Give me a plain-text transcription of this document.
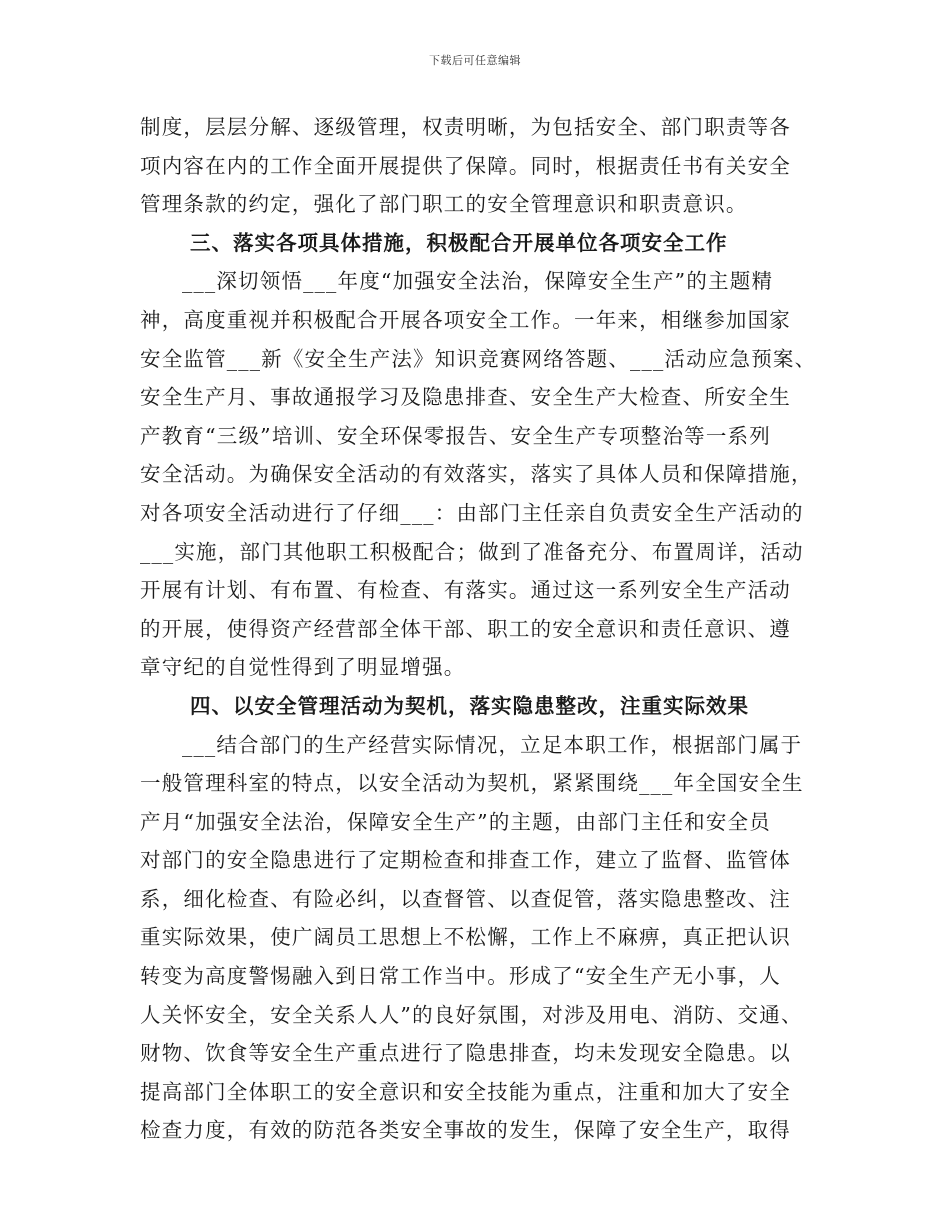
下载后可任意编辑
制度，层层分解、逐级管理，权责明晰，为包括安全、部门职责等各
项内容在内的工作全面开展提供了保障。同时，根据责任书有关安全
管理条款的约定，强化了部门职工的安全管理意识和职责意识。
三、落实各项具体措施，积极配合开展单位各项安全工作
___深切领悟___年度“加强安全法治，保障安全生产”的主题精
神，高度重视并积极配合开展各项安全工作。一年来，相继参加国家
安全监管___新《安全生产法》知识竞赛网络答题、___活动应急预案、
安全生产月、事故通报学习及隐患排查、安全生产大检查、所安全生
产教育“三级”培训、安全环保零报告、安全生产专项整治等一系列
安全活动。为确保安全活动的有效落实，落实了具体人员和保障措施，
对各项安全活动进行了仔细___：由部门主任亲自负责安全生产活动的
___实施，部门其他职工积极配合；做到了准备充分、布置周详，活动
开展有计划、有布置、有检查、有落实。通过这一系列安全生产活动
的开展，使得资产经营部全体干部、职工的安全意识和责任意识、遵
章守纪的自觉性得到了明显增强。
四、以安全管理活动为契机，落实隐患整改，注重实际效果
___结合部门的生产经营实际情况，立足本职工作，根据部门属于
一般管理科室的特点，以安全活动为契机，紧紧围绕___年全国安全生
产月“加强安全法治，保障安全生产”的主题，由部门主任和安全员
对部门的安全隐患进行了定期检查和排查工作，建立了监督、监管体
系，细化检查、有险必纠，以查督管、以查促管，落实隐患整改、注
重实际效果，使广阔员工思想上不松懈，工作上不麻痹，真正把认识
转变为高度警惕融入到日常工作当中。形成了“安全生产无小事，人
人关怀安全，安全关系人人”的良好氛围，对涉及用电、消防、交通、
财物、饮食等安全生产重点进行了隐患排查，均未发现安全隐患。以
提高部门全体职工的安全意识和安全技能为重点，注重和加大了安全
检查力度，有效的防范各类安全事故的发生，保障了安全生产，取得
